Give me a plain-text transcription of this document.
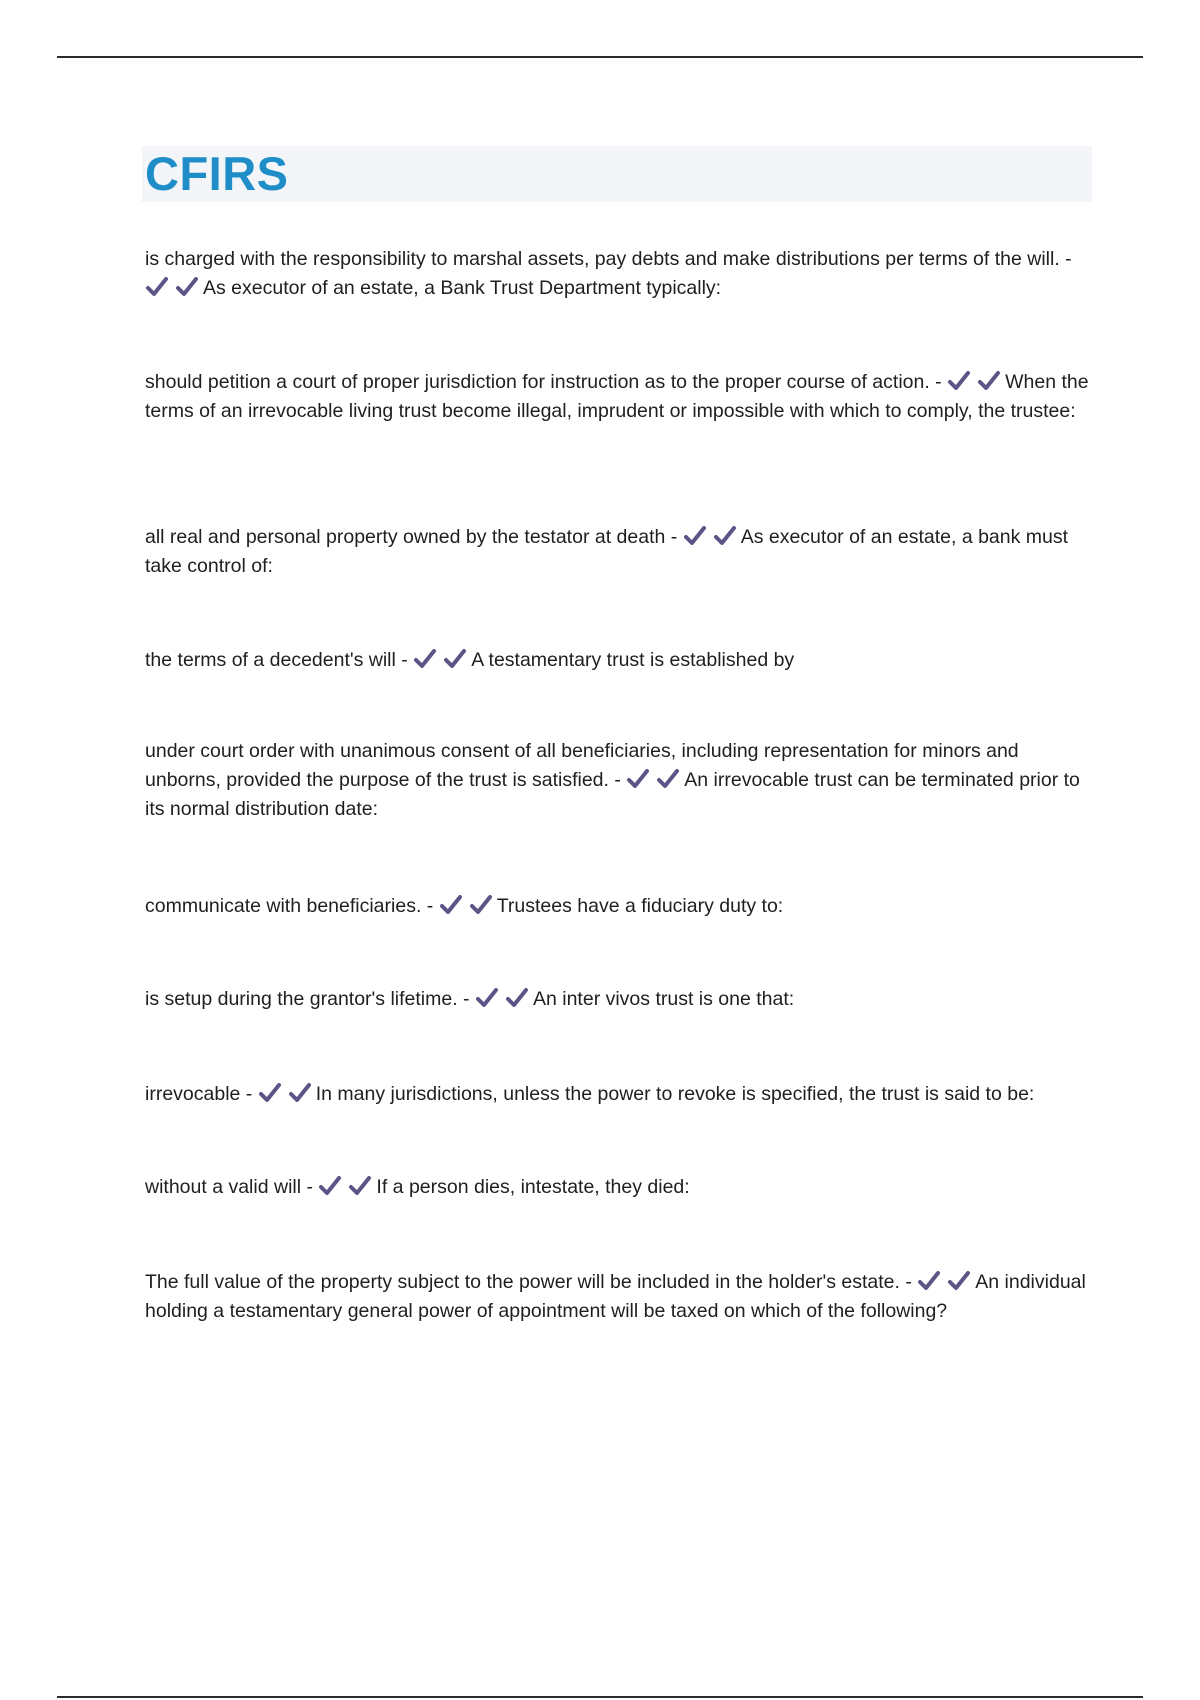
CFIRS
is charged with the responsibility to marshal assets, pay debts and make distributions per terms of the will. - As executor of an estate, a Bank Trust Department typically:
should petition a court of proper jurisdiction for instruction as to the proper course of action. -	When the terms of an irrevocable living trust become illegal, imprudent or impossible with which to comply, the trustee:
all real and personal property owned by the testator at death -	As executor of an estate, a bank must take control of:
the terms of a decedent's will -	A testamentary trust is established by
under court order with unanimous consent of all beneficiaries, including representation for minors and unborns, provided the purpose of the trust is satisfied. -	An irrevocable trust can be terminated prior to its normal distribution date:
communicate with beneficiaries. -	Trustees have a fiduciary duty to:
is setup during the grantor's lifetime. -	An inter vivos trust is one that:
irrevocable -	In many jurisdictions, unless the power to revoke is specified, the trust is said to be:
without a valid will -	If a person dies, intestate, they died:
The full value of the property subject to the power will be included in the holder's estate. -	An individual holding a testamentary general power of appointment will be taxed on which of the following?
